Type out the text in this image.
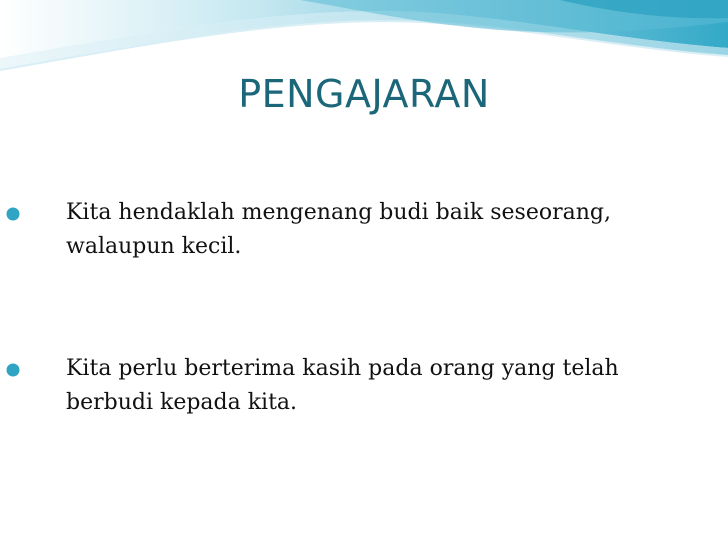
PENGAJARAN
Kita hendaklah mengenang budi baik seseorang, walaupun kecil.
Kita perlu berterima kasih pada orang yang telah berbudi kepada kita.
